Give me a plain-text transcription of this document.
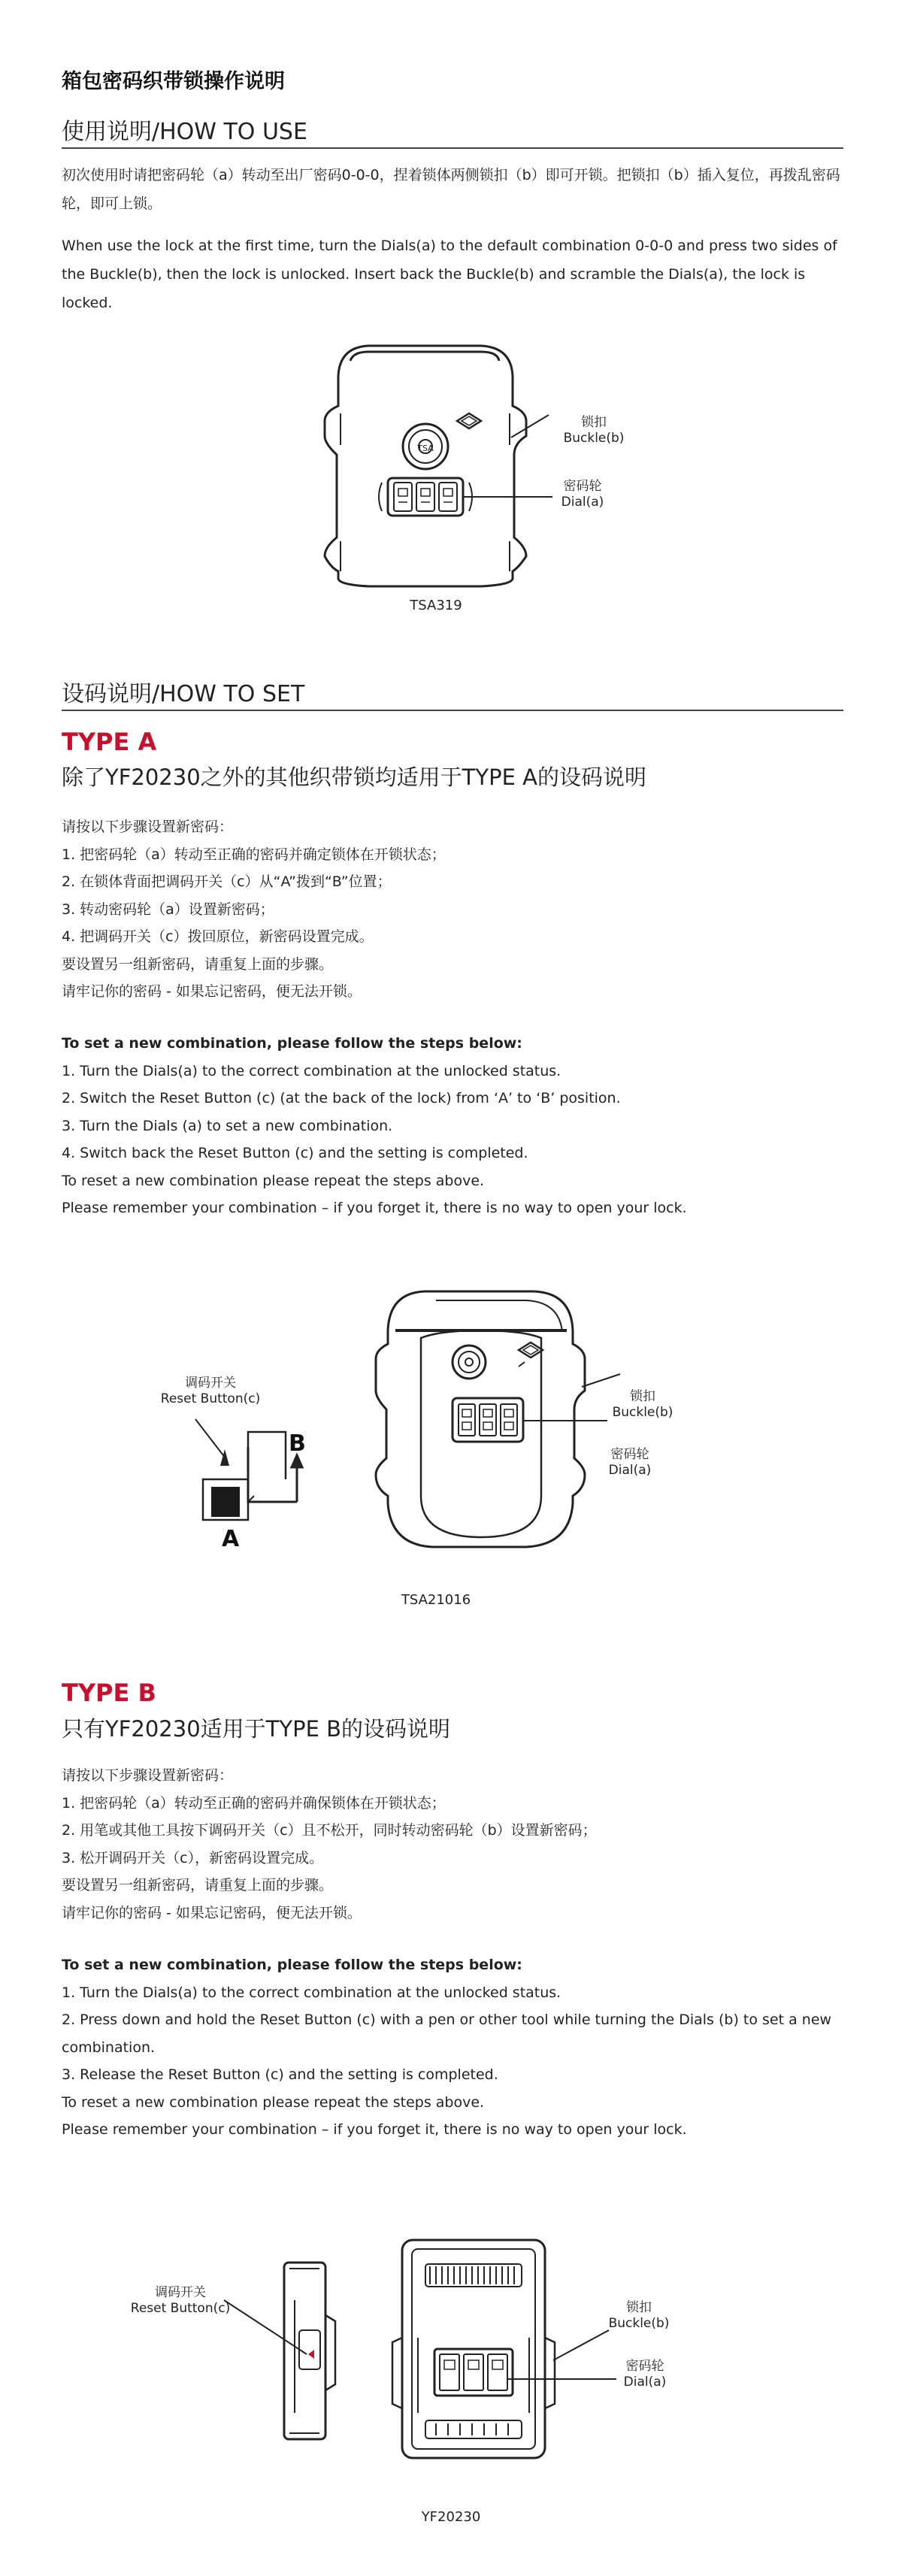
箱包密码织带锁操作说明
使用说明/HOW TO USE
初次使用时请把密码轮（a）转动至出厂密码0-0-0，捏着锁体两侧锁扣（b）即可开锁。把锁扣（b）插入复位，再拨乱密码轮，即可上锁。
When use the lock at the first time, turn the Dials(a) to the default combination 0-0-0 and press two sides of the Buckle(b), then the lock is unlocked. Insert back the Buckle(b) and scramble the Dials(a), the lock is locked.
TSA
锁扣
Buckle(b)
密码轮
Dial(a)
TSA319
设码说明/HOW TO SET
TYPE A
除了YF20230之外的其他织带锁均适用于TYPE A的设码说明
请按以下步骤设置新密码：
1. 把密码轮（a）转动至正确的密码并确定锁体在开锁状态；
2. 在锁体背面把调码开关（c）从“A”拨到“B”位置；
3. 转动密码轮（a）设置新密码；
4. 把调码开关（c）拨回原位，新密码设置完成。
要设置另一组新密码，请重复上面的步骤。
请牢记你的密码 - 如果忘记密码，便无法开锁。
To set a new combination, please follow the steps below:
1. Turn the Dials(a) to the correct combination at the unlocked status.
2. Switch the Reset Button (c) (at the back of the lock) from ‘A’ to ‘B’ position.
3. Turn the Dials (a) to set a new combination.
4. Switch back the Reset Button (c) and the setting is completed.
To reset a new combination please repeat the steps above.
Please remember your combination – if you forget it, there is no way to open your lock.
调码开关
Reset Button(c)
B
A
锁扣
Buckle(b)
密码轮
Dial(a)
TSA21016
TYPE B
只有YF20230适用于TYPE B的设码说明
请按以下步骤设置新密码：
1. 把密码轮（a）转动至正确的密码并确保锁体在开锁状态；
2. 用笔或其他工具按下调码开关（c）且不松开，同时转动密码轮（b）设置新密码；
3. 松开调码开关（c），新密码设置完成。
要设置另一组新密码，请重复上面的步骤。
请牢记你的密码 - 如果忘记密码，便无法开锁。
To set a new combination, please follow the steps below:
1. Turn the Dials(a) to the correct combination at the unlocked status.
2. Press down and hold the Reset Button (c) with a pen or other tool while turning the Dials (b) to set a new combination.
3. Release the Reset Button (c) and the setting is completed.
To reset a new combination please repeat the steps above.
Please remember your combination – if you forget it, there is no way to open your lock.
调码开关
Reset Button(c)	锁扣
Buckle(b)
密码轮
Dial(a)
YF20230
